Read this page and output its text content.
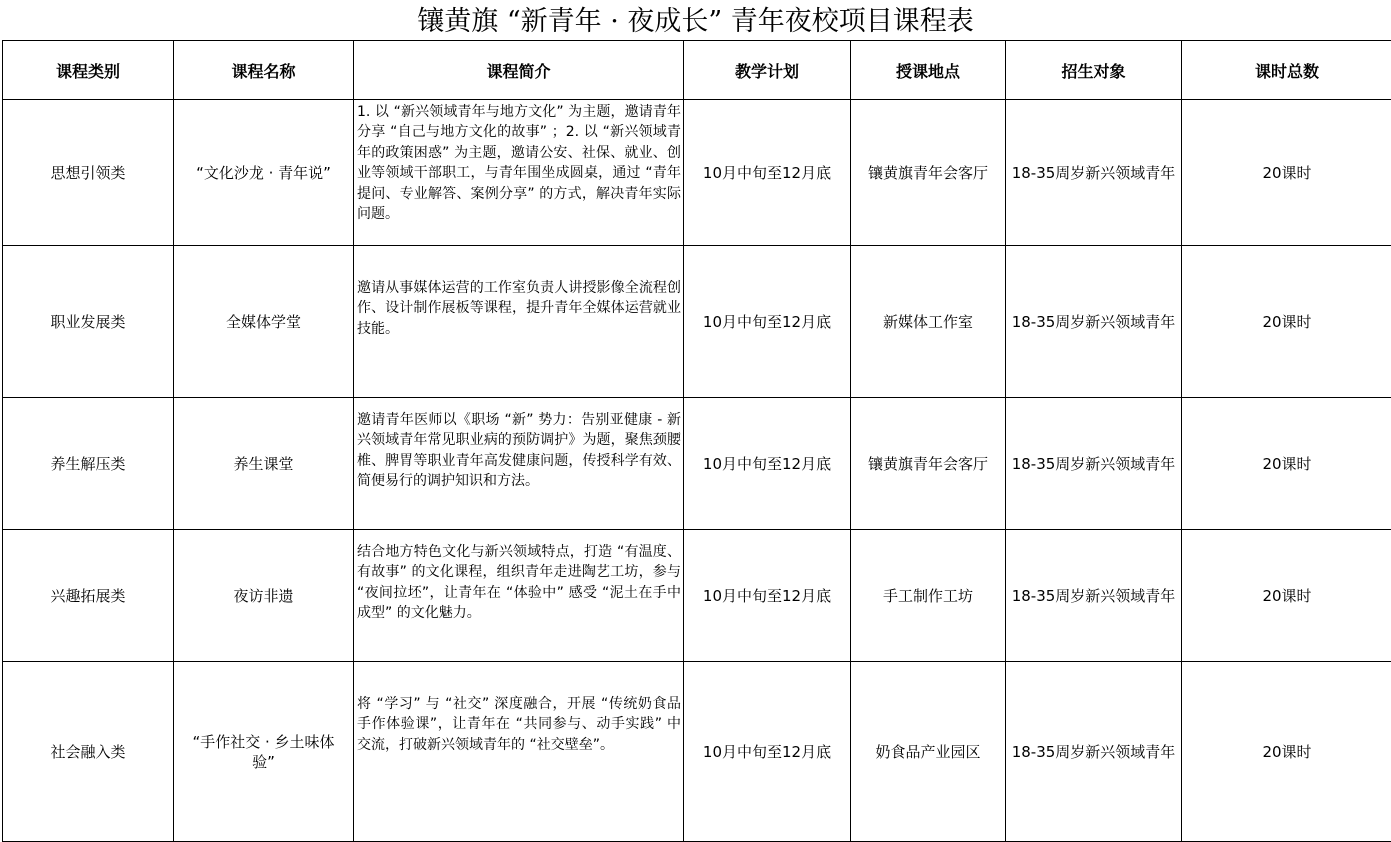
镶黄旗 “新青年 · 夜成长” 青年夜校项目课程表
课程类别	课程名称	课程简介	教学计划	授课地点	招生对象	课时总数
思想引领类	“文化沙龙 · 青年说”	1. 以 “新兴领域青年与地方文化” 为主题，邀请青年分享 “自己与地方文化的故事” ；2. 以 “新兴领域青年的政策困惑” 为主题，邀请公安、社保、就业、创业等领域干部职工，与青年围坐成圆桌，通过 “青年提问、专业解答、案例分享” 的方式，解决青年实际问题。	10月中旬至12月底	镶黄旗青年会客厅	18-35周岁新兴领域青年	20课时
职业发展类	全媒体学堂	邀请从事媒体运营的工作室负责人讲授影像全流程创作、设计制作展板等课程，提升青年全媒体运营就业技能。	10月中旬至12月底	新媒体工作室	18-35周岁新兴领域青年	20课时
养生解压类	养生课堂	邀请青年医师以《职场 “新” 势力：告别亚健康 - 新兴领域青年常见职业病的预防调护》为题，聚焦颈腰椎、脾胃等职业青年高发健康问题，传授科学有效、简便易行的调护知识和方法。	10月中旬至12月底	镶黄旗青年会客厅	18-35周岁新兴领域青年	20课时
兴趣拓展类	夜访非遗	结合地方特色文化与新兴领域特点，打造 “有温度、有故事” 的文化课程，组织青年走进陶艺工坊，参与 “夜间拉坯”，让青年在 “体验中” 感受 “泥土在手中成型” 的文化魅力。	10月中旬至12月底	手工制作工坊	18-35周岁新兴领域青年	20课时
社会融入类	“手作社交 · 乡土味体验”	将 “学习” 与 “社交” 深度融合，开展 “传统奶食品手作体验课”，让青年在 “共同参与、动手实践” 中交流，打破新兴领域青年的 “社交壁垒”。	10月中旬至12月底	奶食品产业园区	18-35周岁新兴领域青年	20课时
